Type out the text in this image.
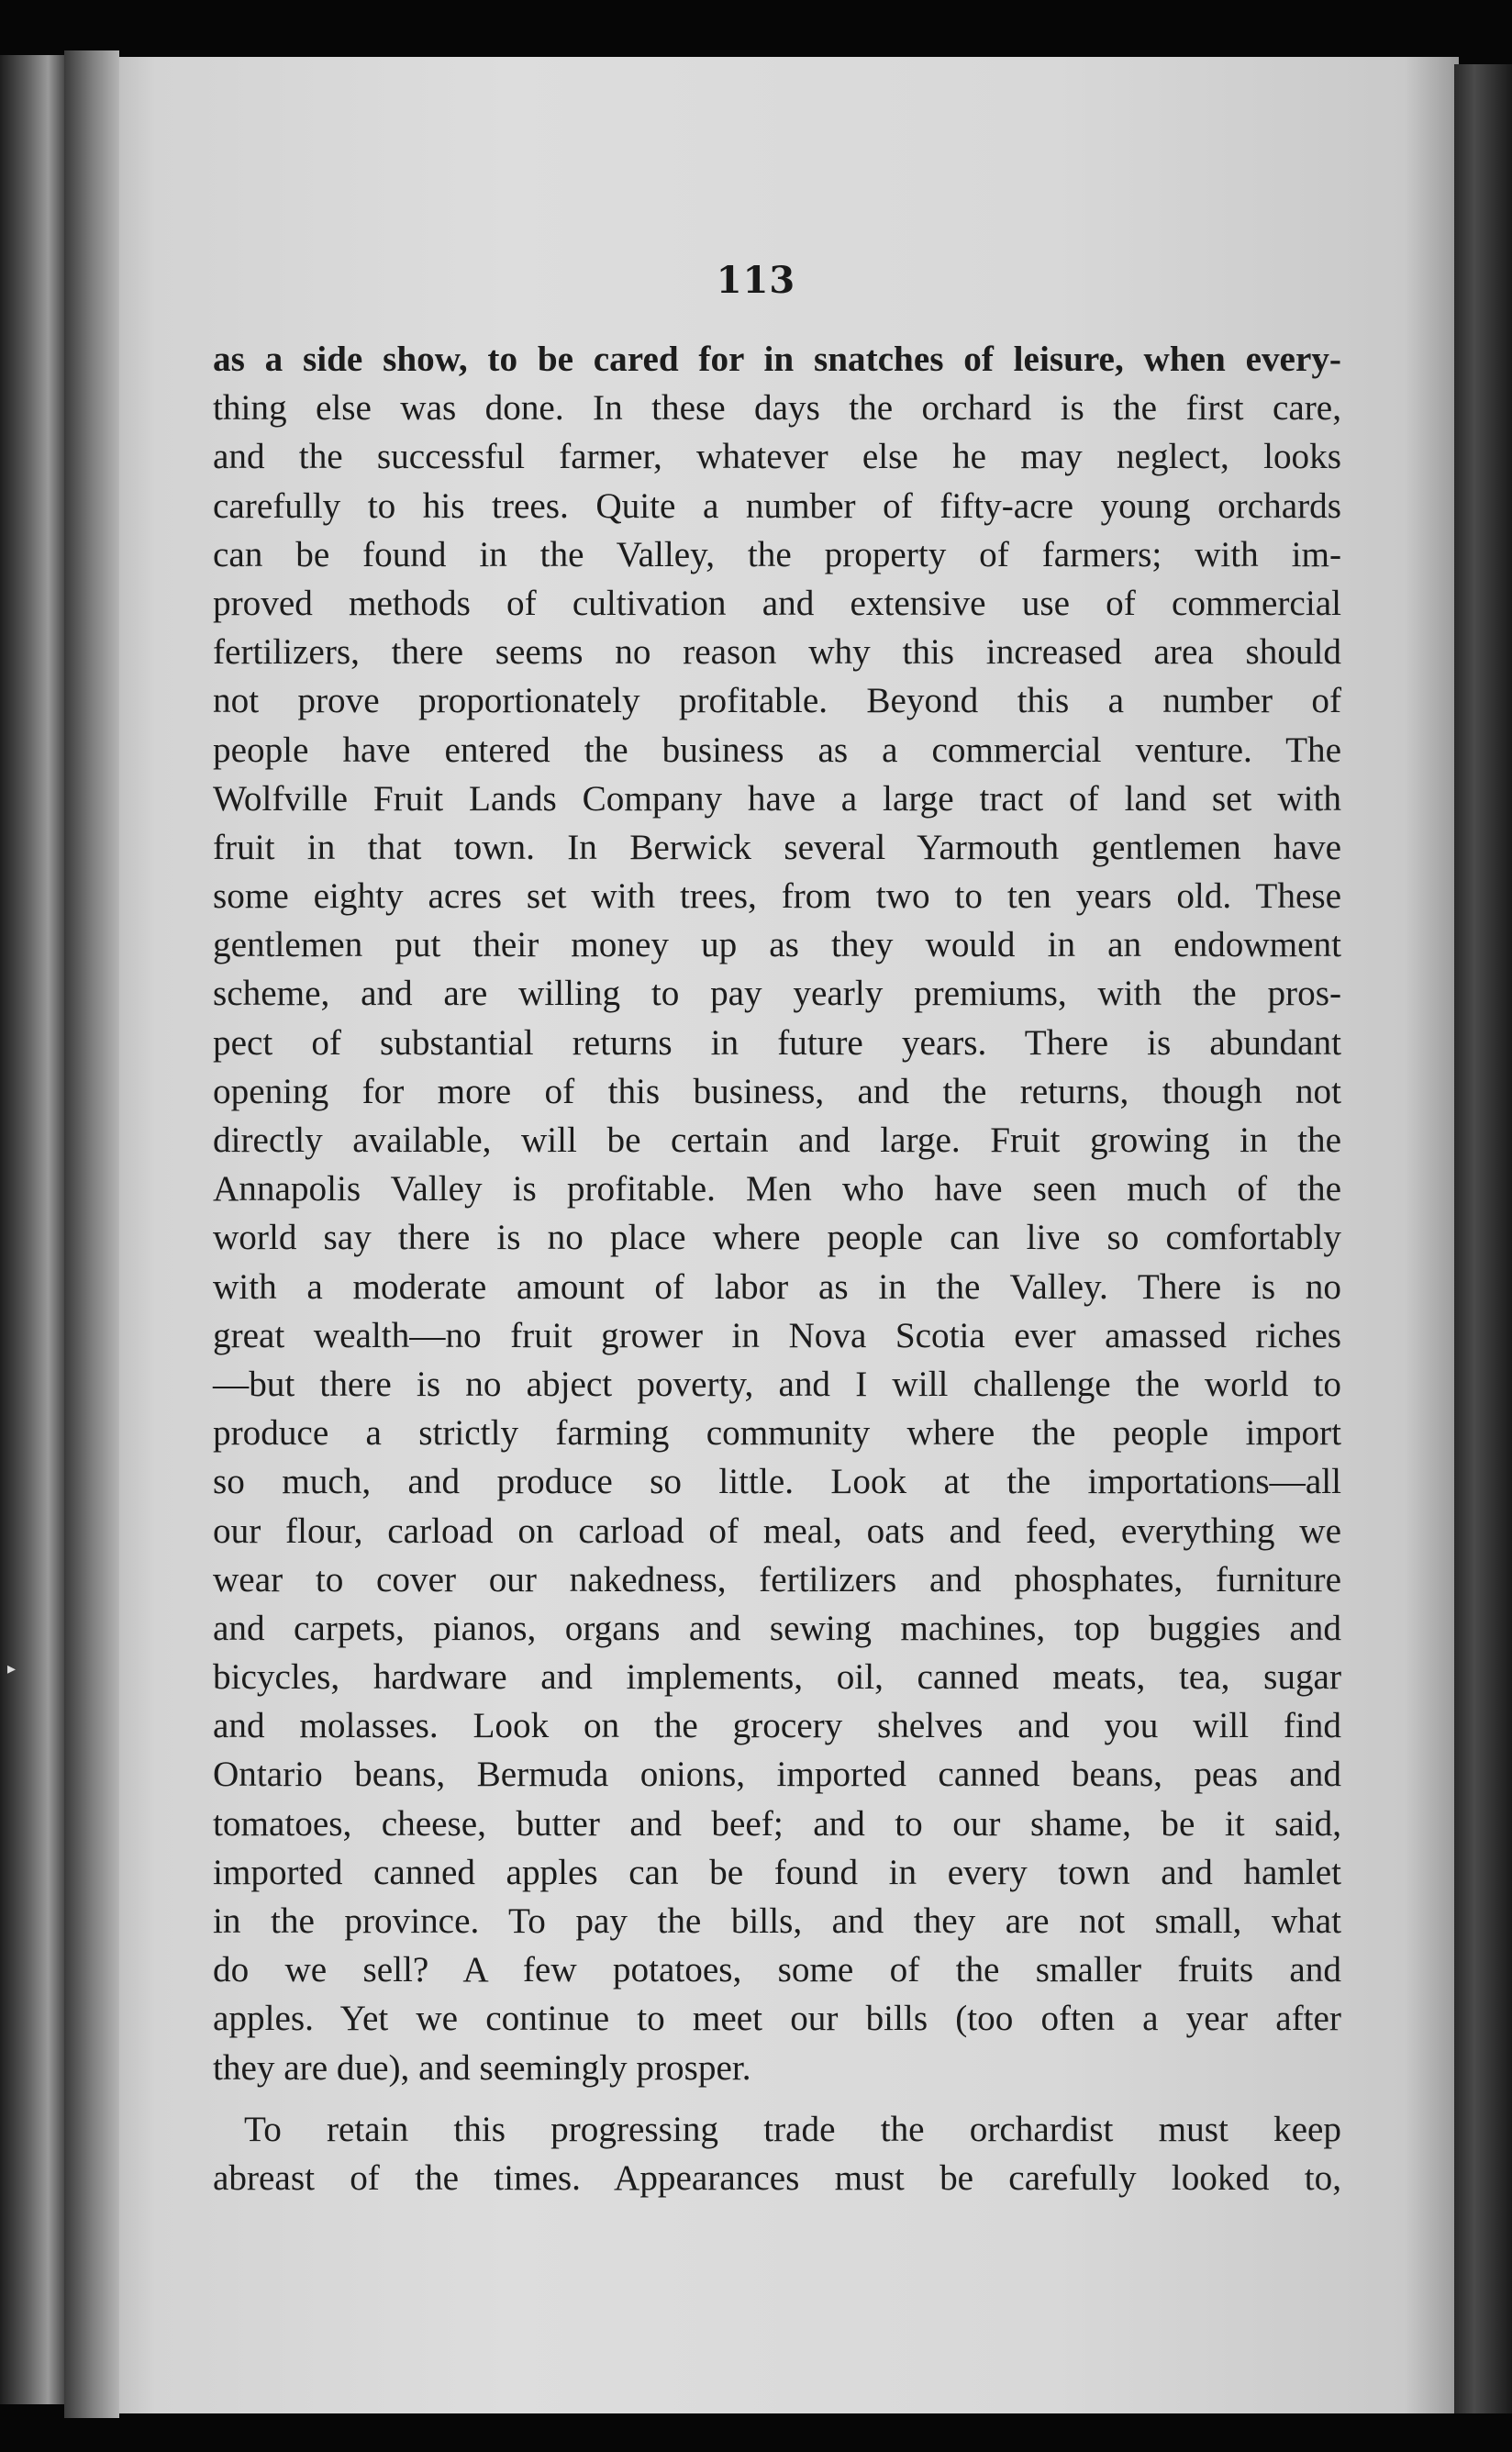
▸
113
as a side show, to be cared for in snatches of leisure, when every-
thing else was done. In these days the orchard is the first care,
and the successful farmer, whatever else he may neglect, looks
carefully to his trees. Quite a number of fifty-acre young orchards
can be found in the Valley, the property of farmers; with im-
proved methods of cultivation and extensive use of commercial
fertilizers, there seems no reason why this increased area should
not prove proportionately profitable. Beyond this a number of
people have entered the business as a commercial venture. The
Wolfville Fruit Lands Company have a large tract of land set with
fruit in that town. In Berwick several Yarmouth gentlemen have
some eighty acres set with trees, from two to ten years old. These
gentlemen put their money up as they would in an endowment
scheme, and are willing to pay yearly premiums, with the pros-
pect of substantial returns in future years. There is abundant
opening for more of this business, and the returns, though not
directly available, will be certain and large. Fruit growing in the
Annapolis Valley is profitable. Men who have seen much of the
world say there is no place where people can live so comfortably
with a moderate amount of labor as in the Valley. There is no
great wealth—no fruit grower in Nova Scotia ever amassed riches
—but there is no abject poverty, and I will challenge the world to
produce a strictly farming community where the people import
so much, and produce so little. Look at the importations—all
our flour, carload on carload of meal, oats and feed, everything we
wear to cover our nakedness, fertilizers and phosphates, furniture
and carpets, pianos, organs and sewing machines, top buggies and
bicycles, hardware and implements, oil, canned meats, tea, sugar
and molasses. Look on the grocery shelves and you will find
Ontario beans, Bermuda onions, imported canned beans, peas and
tomatoes, cheese, butter and beef; and to our shame, be it said,
imported canned apples can be found in every town and hamlet
in the province. To pay the bills, and they are not small, what
do we sell? A few potatoes, some of the smaller fruits and
apples. Yet we continue to meet our bills (too often a year after
they are due), and seemingly prosper.
To retain this progressing trade the orchardist must keep
abreast of the times. Appearances must be carefully looked to,
